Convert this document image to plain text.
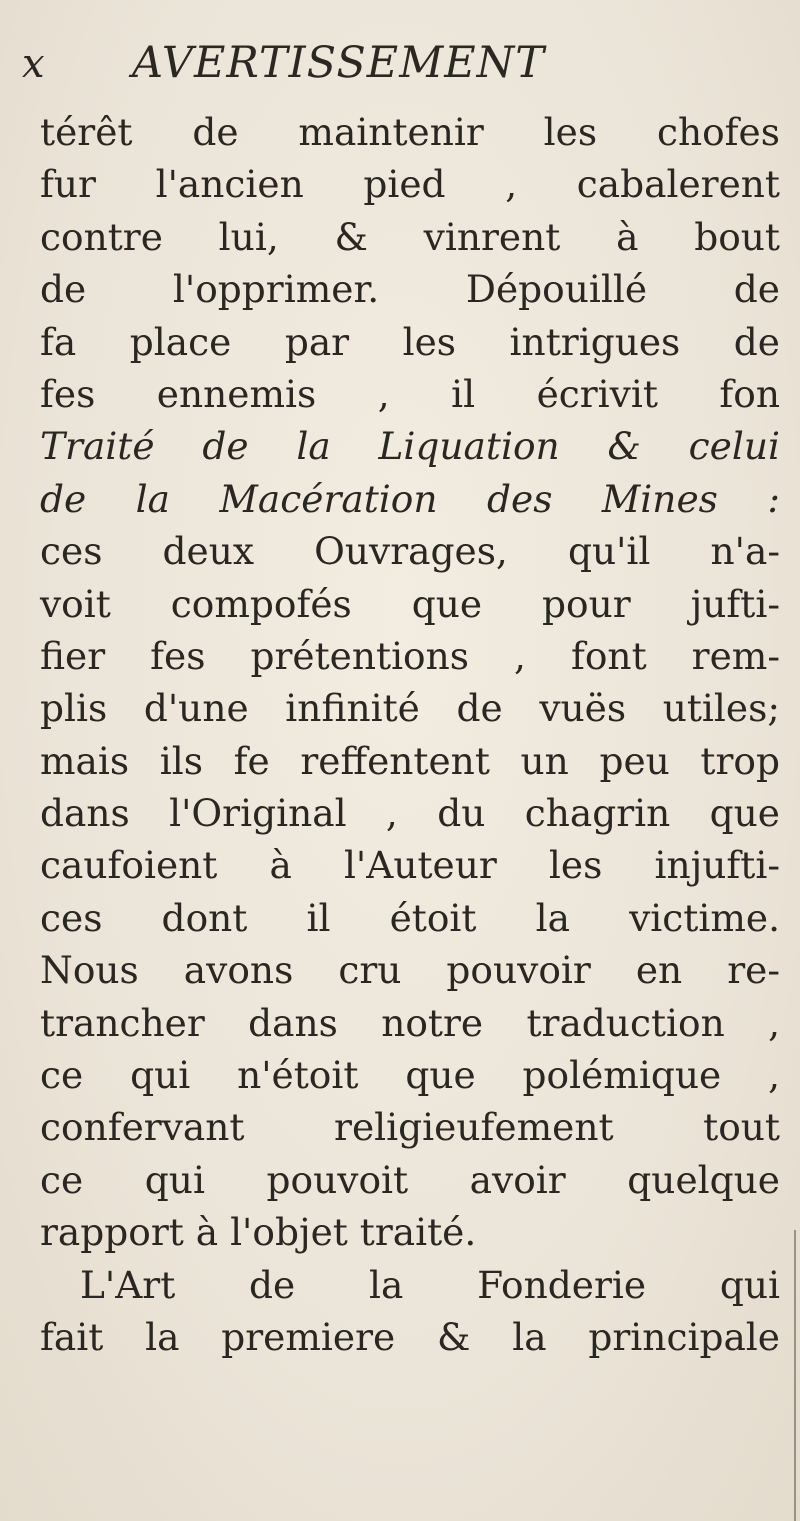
x AVERTISSEMENT
térêt de maintenir les chofes
fur l'ancien pied , cabalerent
contre lui, & vinrent à bout
de l'opprimer. Dépouillé de
fa place par les intrigues de
fes ennemis , il écrivit fon
Traité de la Liquation & celui
de la Macération des Mines :
ces deux Ouvrages, qu'il n'a-
voit compofés que pour jufti-
fier fes prétentions , font rem-
plis d'une infinité de vuës utiles;
mais ils fe reffentent un peu trop
dans l'Original , du chagrin que
caufoient à l'Auteur les injufti-
ces dont il étoit la victime.
Nous avons cru pouvoir en re-
trancher dans notre traduction ,
ce qui n'étoit que polémique ,
confervant religieufement tout
ce qui pouvoit avoir quelque
rapport à l'objet traité.
L'Art de la Fonderie qui
fait la premiere & la principale
